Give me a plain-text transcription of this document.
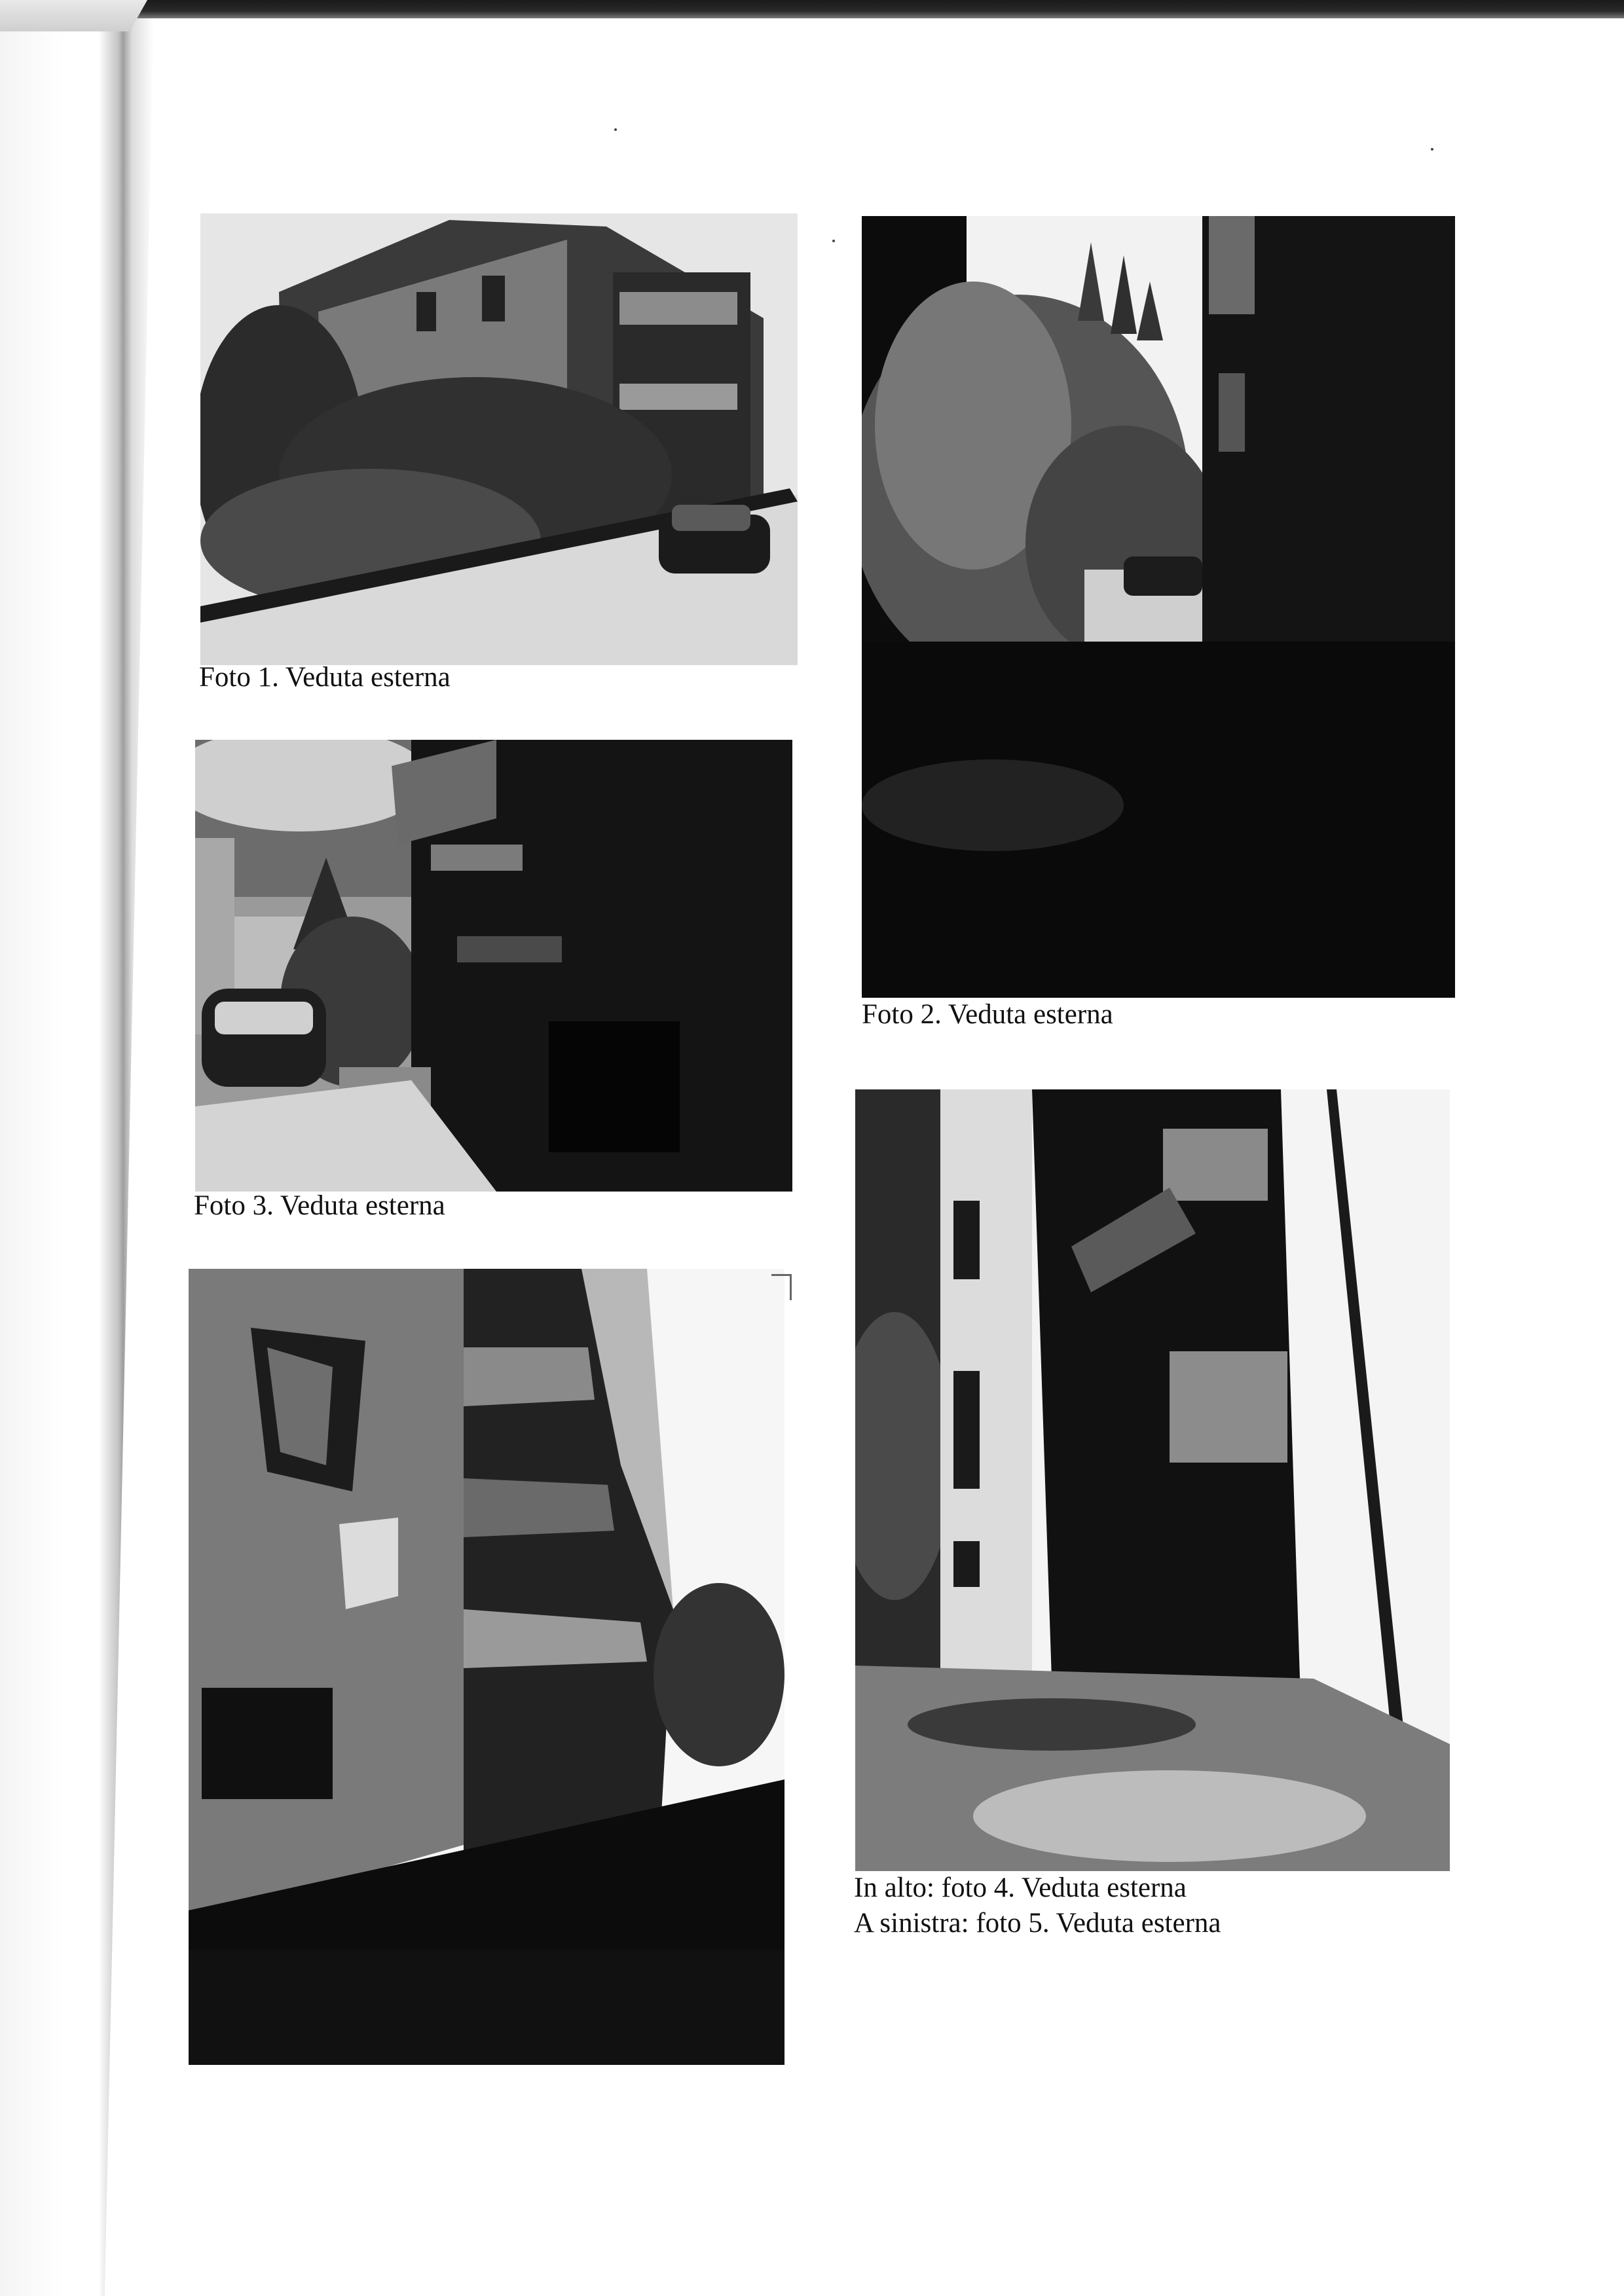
Foto 1. Veduta esterna
Foto 2. Veduta esterna
Foto 3. Veduta esterna
In alto: foto 4. Veduta esterna
A sinistra: foto 5. Veduta esterna
